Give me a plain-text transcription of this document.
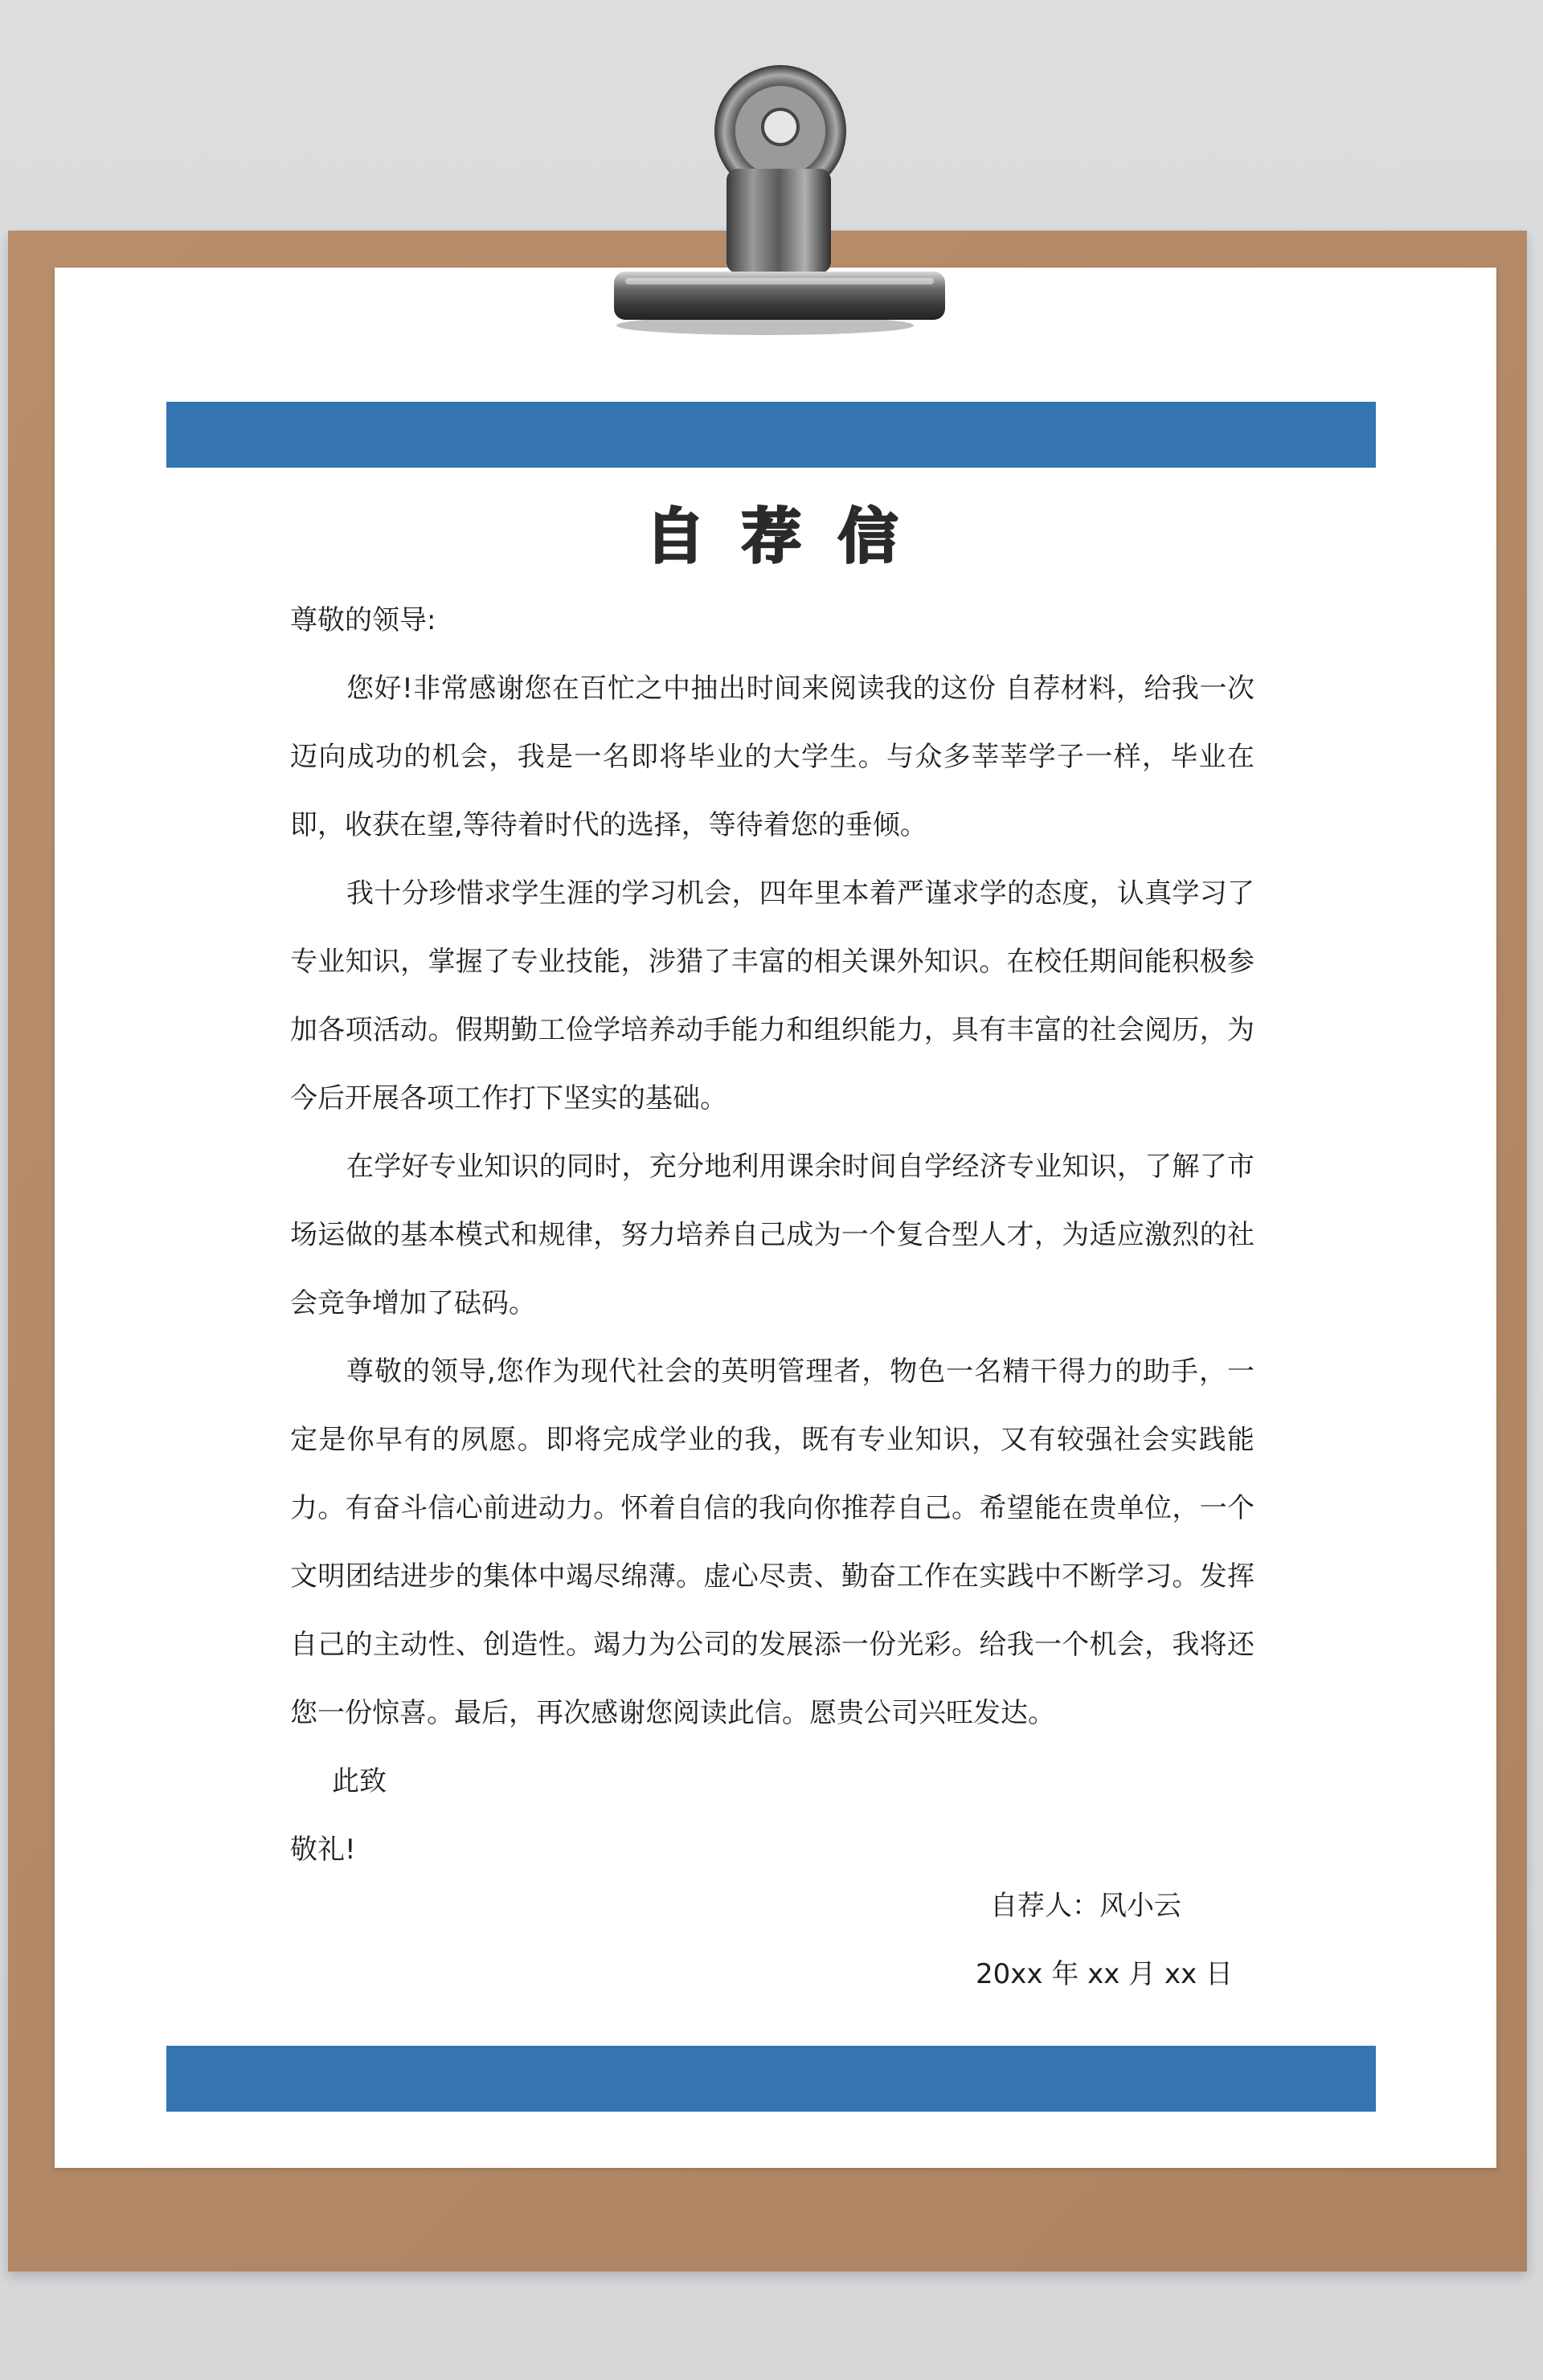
自荐信

尊敬的领导:

您好!非常感谢您在百忙之中抽出时间来阅读我的这份 自荐材料，给我一次迈向成功的机会，我是一名即将毕业的大学生。与众多莘莘学子一样，毕业在即，收获在望,等待着时代的选择，等待着您的垂倾。

我十分珍惜求学生涯的学习机会，四年里本着严谨求学的态度，认真学习了专业知识，掌握了专业技能，涉猎了丰富的相关课外知识。在校任期间能积极参加各项活动。假期勤工俭学培养动手能力和组织能力，具有丰富的社会阅历，为今后开展各项工作打下坚实的基础。

在学好专业知识的同时，充分地利用课余时间自学经济专业知识，了解了市场运做的基本模式和规律，努力培养自己成为一个复合型人才，为适应激烈的社会竞争增加了砝码。

尊敬的领导,您作为现代社会的英明管理者，物色一名精干得力的助手，一定是你早有的夙愿。即将完成学业的我，既有专业知识，又有较强社会实践能力。有奋斗信心前进动力。怀着自信的我向你推荐自己。希望能在贵单位，一个文明团结进步的集体中竭尽绵薄。虚心尽责、勤奋工作在实践中不断学习。发挥自己的主动性、创造性。竭力为公司的发展添一份光彩。给我一个机会，我将还您一份惊喜。最后，再次感谢您阅读此信。愿贵公司兴旺发达。

此致

敬礼!

自荐人：风小云
20xx 年 xx 月 xx 日
